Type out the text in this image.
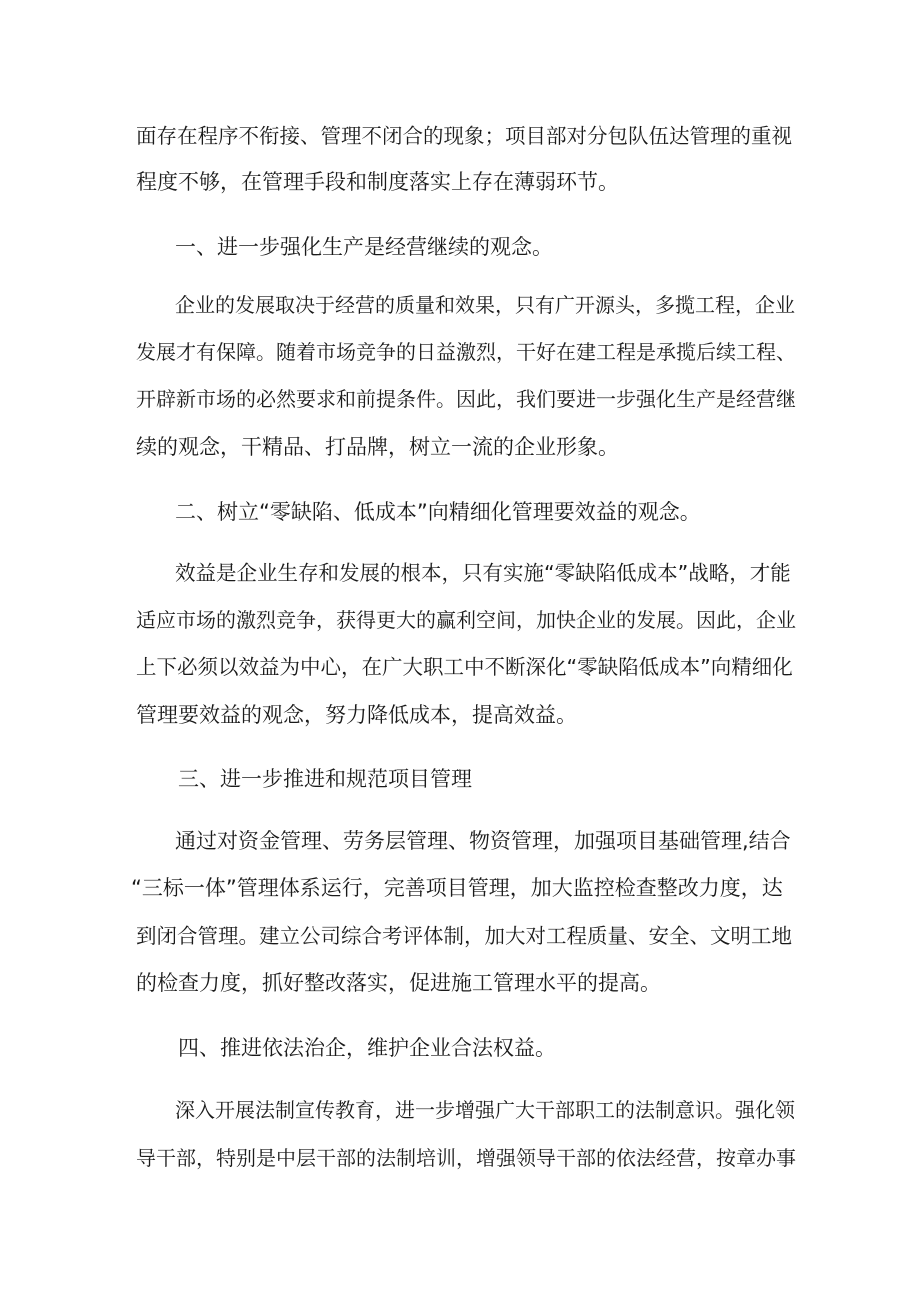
面存在程序不衔接、管理不闭合的现象；项目部对分包队伍达管理的重视
程度不够，在管理手段和制度落实上存在薄弱环节。
一、进一步强化生产是经营继续的观念。
企业的发展取决于经营的质量和效果，只有广开源头，多揽工程，企业
发展才有保障。随着市场竞争的日益激烈，干好在建工程是承揽后续工程、
开辟新市场的必然要求和前提条件。因此，我们要进一步强化生产是经营继
续的观念，干精品、打品牌，树立一流的企业形象。
二、树立“零缺陷、低成本”向精细化管理要效益的观念。
效益是企业生存和发展的根本，只有实施“零缺陷低成本”战略，才能
适应市场的激烈竞争，获得更大的赢利空间，加快企业的发展。因此，企业
上下必须以效益为中心，在广大职工中不断深化“零缺陷低成本”向精细化
管理要效益的观念，努力降低成本，提高效益。
三、进一步推进和规范项目管理
通过对资金管理、劳务层管理、物资管理，加强项目基础管理,结合
“三标一体”管理体系运行，完善项目管理，加大监控检查整改力度，达
到闭合管理。建立公司综合考评体制，加大对工程质量、安全、文明工地
的检查力度，抓好整改落实，促进施工管理水平的提高。
四、推进依法治企，维护企业合法权益。
深入开展法制宣传教育，进一步增强广大干部职工的法制意识。强化领
导干部，特别是中层干部的法制培训，增强领导干部的依法经营，按章办事
